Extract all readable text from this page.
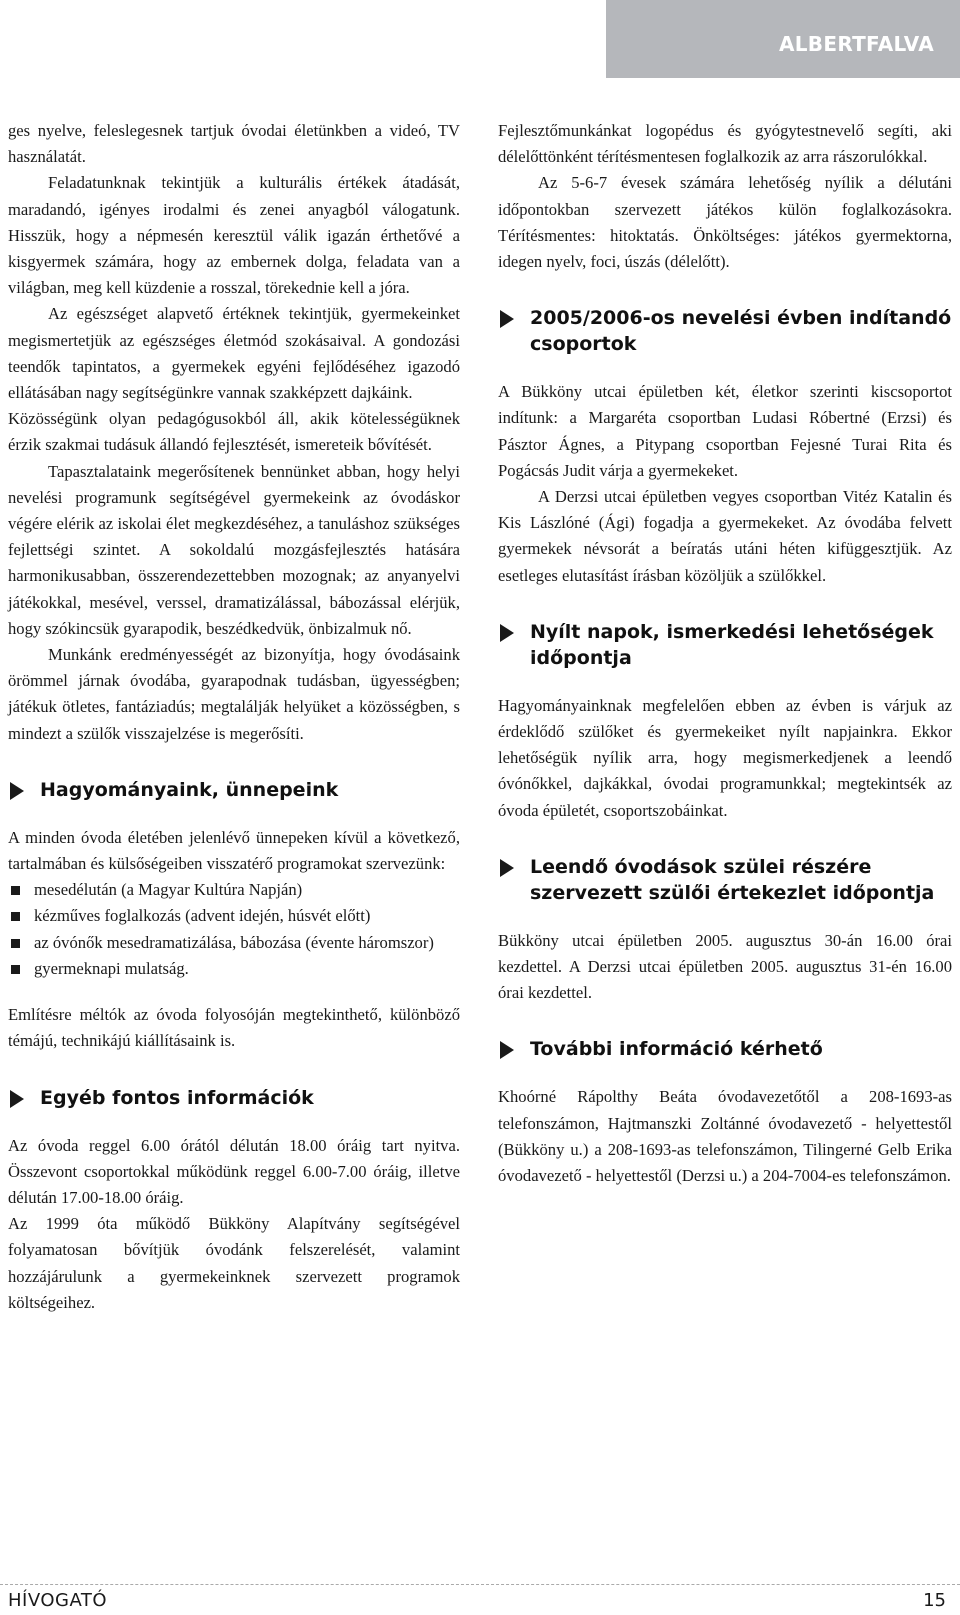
ALBERTFALVA

ges nyelve, feleslegesnek tartjuk óvodai életünkben a videó, TV használatát.

Feladatunknak tekintjük a kulturális értékek átadását, maradandó, igényes irodalmi és zenei anyagból válogatunk. Hisszük, hogy a népmesén keresztül válik igazán érthetővé a kisgyermek számára, hogy az embernek dolga, feladata van a világban, meg kell küzdenie a rosszal, törekednie kell a jóra.

Az egészséget alapvető értéknek tekintjük, gyermekeinket megismertetjük az egészséges életmód szokásaival. A gondozási teendők tapintatos, a gyermekek egyéni fejlődéséhez igazodó ellátásában nagy segítségünkre vannak szakképzett dajkáink.

Közösségünk olyan pedagógusokból áll, akik kötelességüknek érzik szakmai tudásuk állandó fejlesztését, ismereteik bővítését.

Tapasztalataink megerősítenek bennünket abban, hogy helyi nevelési programunk segítségével gyermekeink az óvodáskor végére elérik az iskolai élet megkezdéséhez, a tanuláshoz szükséges fejlettségi szintet. A sokoldalú mozgásfejlesztés hatására harmonikusabban, összerendezettebben mozognak; az anyanyelvi játékokkal, mesével, verssel, dramatizálással, bábozással elérjük, hogy szókincsük gyarapodik, beszédkedvük, önbizalmuk nő.

Munkánk eredményességét az bizonyítja, hogy óvodásaink örömmel járnak óvodába, gyarapodnak tudásban, ügyességben; játékuk ötletes, fantáziadús; megtalálják helyüket a közösségben, s mindezt a szülők visszajelzése is megerősíti.

Hagyományaink, ünnepeink

A minden óvoda életében jelenlévő ünnepeken kívül a következő, tartalmában és külsőségeiben visszatérő programokat szervezünk:

mesedélután (a Magyar Kultúra Napján)
kézműves foglalkozás (advent idején, húsvét előtt)
az óvónők mesedramatizálása, bábozása (évente háromszor)
gyermeknapi mulatság.

Említésre méltók az óvoda folyosóján megtekinthető, különböző témájú, technikájú kiállításaink is.

Egyéb fontos információk

Az óvoda reggel 6.00 órától délután 18.00 óráig tart nyitva. Összevont csoportokkal működünk reggel 6.00-7.00 óráig, illetve délután 17.00-18.00 óráig.

Az 1999 óta működő Bükköny Alapítvány segítségével folyamatosan bővítjük óvodánk felszerelését, valamint hozzájárulunk a gyermekeinknek szervezett programok költségeihez.

Fejlesztőmunkánkat logopédus és gyógytestnevelő segíti, aki délelőttönként térítésmentesen foglalkozik az arra rászorulókkal.

Az 5-6-7 évesek számára lehetőség nyílik a délutáni időpontokban szervezett játékos külön foglalkozásokra. Térítésmentes: hitoktatás. Önköltséges: játékos gyermektorna, idegen nyelv, foci, úszás (délelőtt).

2005/2006-os nevelési évben indítandó csoportok

A Bükköny utcai épületben két, életkor szerinti kiscsoportot indítunk: a Margaréta csoportban Ludasi Róbertné (Erzsi) és Pásztor Ágnes, a Pitypang csoportban Fejesné Turai Rita és Pogácsás Judit várja a gyermekeket.

A Derzsi utcai épületben vegyes csoportban Vitéz Katalin és Kis Lászlóné (Ági) fogadja a gyermekeket. Az óvodába felvett gyermekek névsorát a beíratás utáni héten kifüggesztjük. Az esetleges elutasítást írásban közöljük a szülőkkel.

Nyílt napok, ismerkedési lehetőségek időpontja

Hagyományainknak megfelelően ebben az évben is várjuk az érdeklődő szülőket és gyermekeiket nyílt napjainkra. Ekkor lehetőségük nyílik arra, hogy megismerkedjenek a leendő óvónőkkel, dajkákkal, óvodai programunkkal; megtekintsék az óvoda épületét, csoportszobáinkat.

Leendő óvodások szülei részére szervezett szülői értekezlet időpontja

Bükköny utcai épületben 2005. augusztus 30-án 16.00 órai kezdettel. A Derzsi utcai épületben 2005. augusztus 31-én 16.00 órai kezdettel.

További információ kérhető

Khoórné Rápolthy Beáta óvodavezetőtől a 208-1693-as telefonszámon, Hajtmanszki Zoltánné óvodavezető - helyettestől (Bükköny u.) a 208-1693-as telefonszámon, Tilingerné Gelb Erika óvodavezető - helyettestől (Derzsi u.) a 204-7004-es telefonszámon.

HÍVOGATÓ	15
